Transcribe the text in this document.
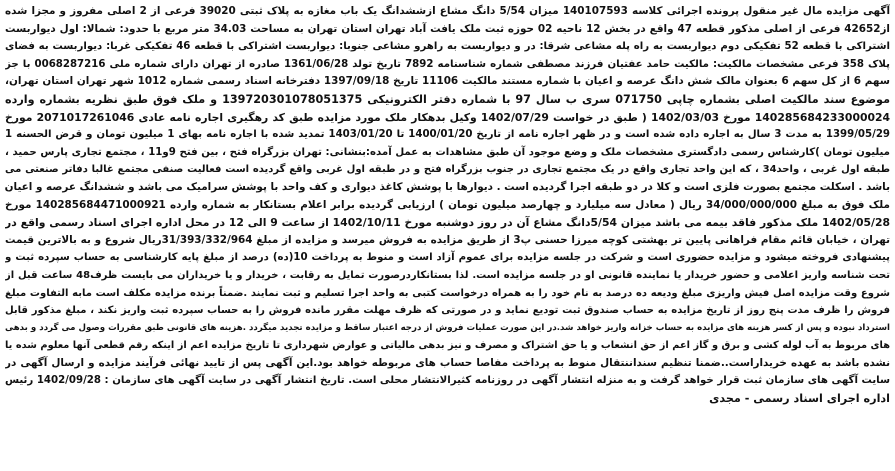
آگهی مزایده مال غیر منقول پرونده اجرائی کلاسه 140107593 میزان 5/54 دانگ مشاع ازششدانگ یک باب مغازه به پلاک ثبتی 39020 فرعی از 2 اصلی مفروز و مجزا شده
از42652 فرعی از اصلی مذکور قطعه 47 واقع در بخش 12 ناحیه 02 حوزه ثبت ملک یافت آباد تهران استان تهران به مساحت 34.03 متر مربع با حدود: شمالا: اول دیواربست
اشتراکی با قطعه 52 تفکیکی دوم دیواربست به راه پله مشاعی شرقا: در و دیواربست به راهرو مشاعی جنوبا: دیواربست اشتراکی با قطعه 46 تفکیکی غربا: دیواربست به فضای
پلاک 358 فرعی مشخصات مالکیت: مالکیت حامد عفتیان فرزند مصطفی شماره شناسنامه 7892 تاریخ تولد 1361/06/28 صادره از تهران دارای شماره ملی 0068287216 با جز
سهم 6 از کل سهم 6 بعنوان مالک شش دانگ عرصه و اعیان با شماره مستند مالکیت 11106 تاریخ 1397/09/18 دفترخانه اسناد رسمی شماره 1012 شهر تهران استان تهران،
موضوع سند مالکیت اصلی بشماره چاپی 071750 سری ب سال 97 با شماره دفتر الکترونیکی 139720301078051375 و ملک فوق طبق نظریه بشماره وارده
140285684233000024 مورخ 1402/03/03 ( طبق در خواست 1402/07/29 وکیل بدهکار ملک مورد مزایده طبق کد رهگیری اجاره نامه عادی 2071017261046 مورخ
1399/05/29 به مدت 3 سال به اجاره داده شده است و در ظهر اجاره نامه از تاریخ 1400/01/20 تا 1403/01/20 تمدید شده با اجاره نامه بهای 1 میلیون تومان و قرض الحسنه 1
میلیون تومان )کارشناس رسمی دادگستری مشخصات ملک و وضع موجود آن طبق مشاهدات به عمل آمده:بنشانی: تهران بزرگراه فتح ، بین فتح 9و11 ، مجتمع تجاری پارس حمید ،
طبقه اول غربی ، واحد34 ، که این واحد تجاری واقع در یک مجتمع تجاری در جنوب بزرگراه فتح و در طبقه اول غربی واقع گردیده است فعالیت صنفی مجتمع غالبا دفاتر صنعتی می
باشد . اسکلت مجتمع بصورت فلزی است و کلا در دو طبقه اجرا گردیده است . دیوارها با پوشش کاغذ دیواری و کف واحد با پوشش سرامیک می باشد و ششدانگ عرصه و اعیان
ملک فوق به مبلغ 34/000/000/000 ریال ( معادل سه میلیارد و چهارصد میلیون تومان ) ارزیابی گردیده برابر اعلام بستانکار به شماره وارده 140285684471000921 مورخ
1402/05/28 ملک مذکور فاقد بیمه می باشد میزان 5/54دانگ مشاع آن در روز دوشنبه مورخ 1402/10/11 از ساعت 9 الی 12 در محل اداره اجرای اسناد رسمی واقع در
تهران ، خیابان قائم مقام فراهانی پایین تر بهشتی کوچه میرزا حسنی پ3 از طریق مزایده به فروش میرسد و مزایده از مبلغ 31/393/332/964ریال شروع و به بالاترین قیمت
پیشنهادی فروخته میشود و مزایده حضوری است و شرکت در جلسه مزایده برای عموم آزاد است و منوط به پرداخت 10(ده) درصد از مبلغ پایه کارشناسی به حساب سپرده ثبت و
تحت شناسه واریز اعلامی و حضور خریدار یا نماینده قانونی او در جلسه مزایده است. لذا بستانکاردرصورت تمایل به رقابت ، خریدار و یا خریداران می بایست ظرف48 ساعت قبل از
شروع وقت مزایده اصل فیش واریزی مبلغ ودیعه ده درصد به نام خود را به همراه درخواست کتبی به واحد اجرا تسلیم و ثبت نمایند .ضمناً برنده مزایده مکلف است مابه التفاوت مبلغ
فروش را ظرف مدت پنج روز از تاریخ مزایده به حساب صندوق ثبت تودیع نماید و در صورتی که ظرف مهلت مقرر مانده فروش را به حساب سپرده ثبت واریز نکند ، مبلغ مذکور قابل
استرداد نبوده و پس از کسر هزینه های مزایده به حساب خزانه واریز خواهد شد.در این صورت عملیات فروش از درجه اعتبار ساقط و مزایده تجدید میگردد .هزینه های قانونی طبق مقررات وصول می گردد و بدهی
های مربوط به آب لوله کشی و برق و گاز اعم از حق انشعاب و یا حق اشتراک و مصرف و نیز بدهی مالیاتی و عوارض شهرداری تا تاریخ مزایده اعم از اینکه رقم قطعی آنها معلوم شده یا
نشده باشد به عهده خریداراست..ضمنا تنظیم سنداننتقال منوط به پرداخت مفاصا حساب های مربوطه خواهد بود.این آگهی پس از تایید نهائی فرآیند مزایده و ارسال آگهی در
سایت آگهی های سازمان ثبت قرار خواهد گرفت و به منزله انتشار آگهی در روزنامه کثیرالانتشار محلی است. تاریخ انتشار آگهی در سایت آگهی های سازمان : 1402/09/28 رئیس
اداره اجرای اسناد رسمی - مجدی
